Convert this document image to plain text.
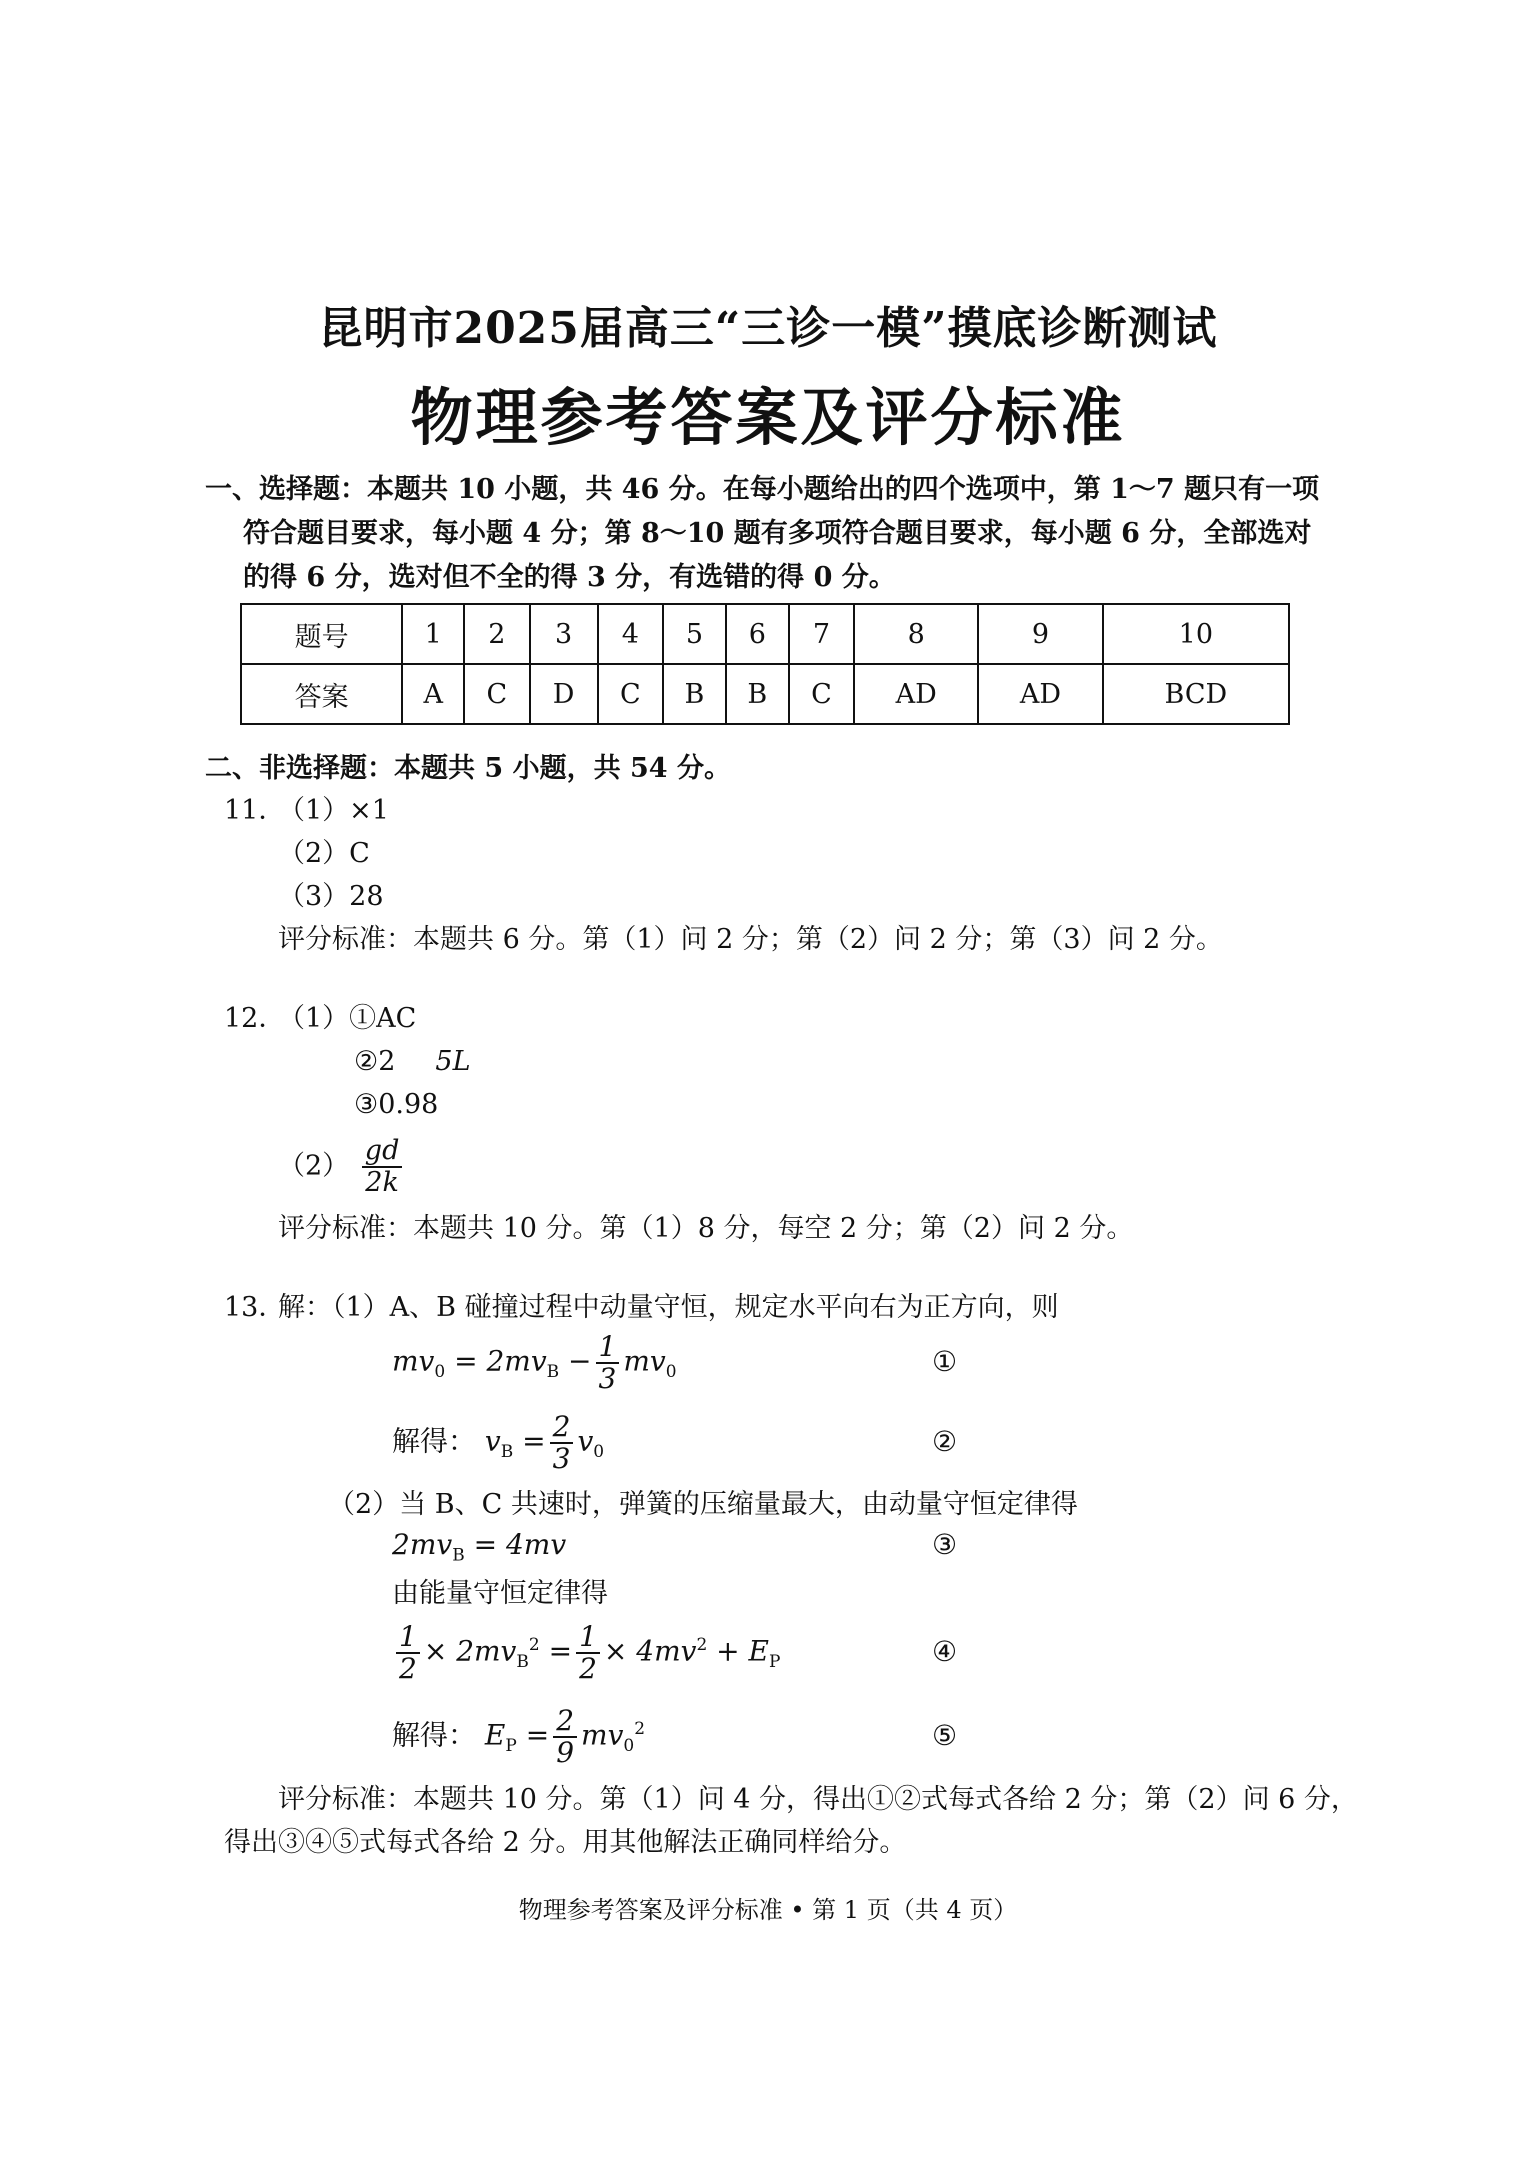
昆明市2025届高三“三诊一模”摸底诊断测试
物理参考答案及评分标准
一、选择题：本题共 10 小题，共 46 分。在每小题给出的四个选项中，第 1～7 题只有一项
符合题目要求，每小题 4 分；第 8～10 题有多项符合题目要求，每小题 6 分，全部选对
的得 6 分，选对但不全的得 3 分，有选错的得 0 分。
题号	1	2	3	4	5	6	7	8	9	10
答案	A	C	D	C	B	B	C	AD	AD	BCD
二、非选择题：本题共 5 小题，共 54 分。
11．
（1）×1
（2）C
（3）28
评分标准：本题共 6 分。第（1）问 2 分；第（2）问 2 分；第（3）问 2 分。
12．
（1）①AC
②2 5L
③0.98
$(2) \frac{gd}{2k}$
评分标准：本题共 10 分。第（1）8 分，每空 2 分；第（2）问 2 分。
13．
解：（1）A、B 碰撞过程中动量守恒，规定水平向右为正方向，则
$mv_0 = 2mv_B - \frac{1}{3} mv_0$	①
解得： $v_B = \frac{2}{3} v_0$	②
（2）当 B、C 共速时，弹簧的压缩量最大，由动量守恒定律得
$2mv_B = 4mv$	③
由能量守恒定律得
$\frac{1}{2} \times 2mv_B^2 = \frac{1}{2} \times 4mv^2 + E_P$	④
解得： $E_P = \frac{2}{9} mv_0^2$	⑤
评分标准：本题共 10 分。第（1）问 4 分，得出①②式每式各给 2 分；第（2）问 6 分，
得出③④⑤式每式各给 2 分。用其他解法正确同样给分。
物理参考答案及评分标准 • 第 1 页（共 4 页）
